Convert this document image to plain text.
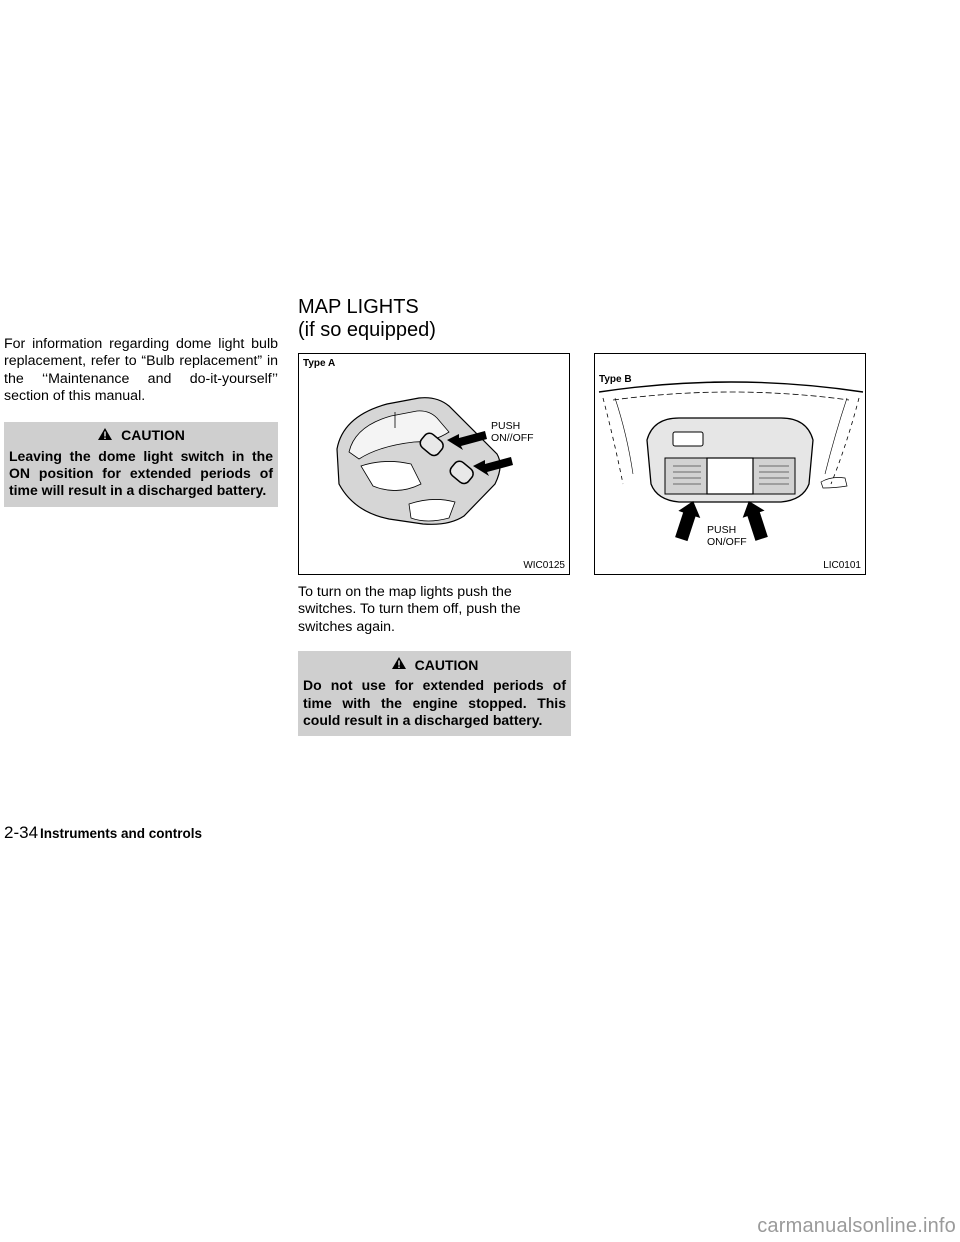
For information regarding dome light bulb replacement, refer to “Bulb replacement” in the ‘‘Maintenance and do-it-yourself’’ section of this manual.

CAUTION
Leaving the dome light switch in the ON position for extended periods of time will result in a discharged battery.
MAP LIGHTS
(if so equipped)
Type A
PUSH
ON//OFF
WIC0125
Type B
PUSH
ON/OFF
LIC0101

To turn on the map lights push the switches. To turn them off, push the switches again.

CAUTION
Do not use for extended periods of time with the engine stopped. This could result in a discharged battery.
2-34 Instruments and controls
carmanualsonline.info
